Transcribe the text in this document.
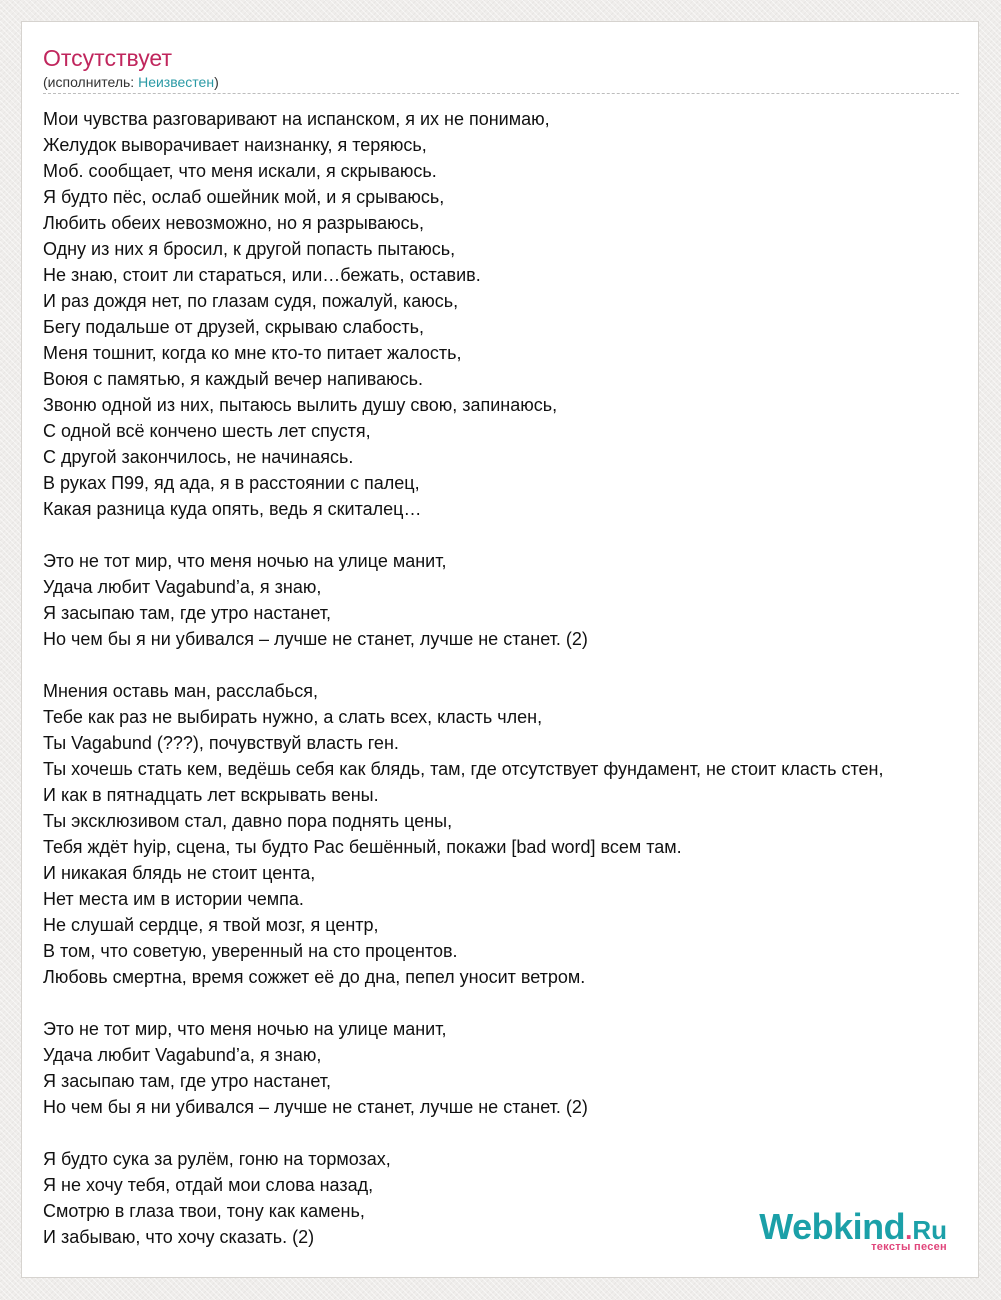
Отсутствует
(исполнитель: Неизвестен)
Мои чувства разговаривают на испанском, я их не понимаю,
Желудок выворачивает наизнанку, я теряюсь,
Моб. сообщает, что меня искали, я скрываюсь.
Я будто пёс, ослаб ошейник мой, и я срываюсь,
Любить обеих невозможно, но я разрываюсь,
Одну из них я бросил, к другой попасть пытаюсь,
Не знаю, стоит ли стараться, или…бежать, оставив.
И раз дождя нет, по глазам судя, пожалуй, каюсь,
Бегу подальше от друзей, скрываю слабость,
Меня тошнит, когда ко мне кто-то питает жалость,
Воюя с памятью, я каждый вечер напиваюсь.
Звоню одной из них, пытаюсь вылить душу свою, запинаюсь,
С одной всё кончено шесть лет спустя,
С другой закончилось, не начинаясь.
В руках П99, яд ада, я в расстоянии с палец,
Какая разница куда опять, ведь я скиталец…
Это не тот мир, что меня ночью на улице манит,
Удача любит Vagabund’а, я знаю,
Я засыпаю там, где утро настанет,
Но чем бы я ни убивался – лучше не станет, лучше не станет. (2)
Мнения оставь ман, расслабься,
Тебе как раз не выбирать нужно, а слать всех, класть член,
Ты Vagabund (???), почувствуй власть ген.
Ты хочешь стать кем, ведёшь себя как блядь, там, где отсутствует фундамент, не стоит класть стен,
И как в пятнадцать лет вскрывать вены.
Ты эксклюзивом стал, давно пора поднять цены,
Тебя ждёт hyip, сцена, ты будто Рас бешённый, покажи [bad word] всем там.
И никакая блядь не стоит цента,
Нет места им в истории чемпа.
Не слушай сердце, я твой мозг, я центр,
В том, что советую, уверенный на сто процентов.
Любовь смертна, время сожжет её до дна, пепел уносит ветром.
Это не тот мир, что меня ночью на улице манит,
Удача любит Vagabund’а, я знаю,
Я засыпаю там, где утро настанет,
Но чем бы я ни убивался – лучше не станет, лучше не станет. (2)
Я будто сука за рулём, гоню на тормозах,
Я не хочу тебя, отдай мои слова назад,
Смотрю в глаза твои, тону как камень,
И забываю, что хочу сказать. (2)	Webkind.Ru
тексты песен
